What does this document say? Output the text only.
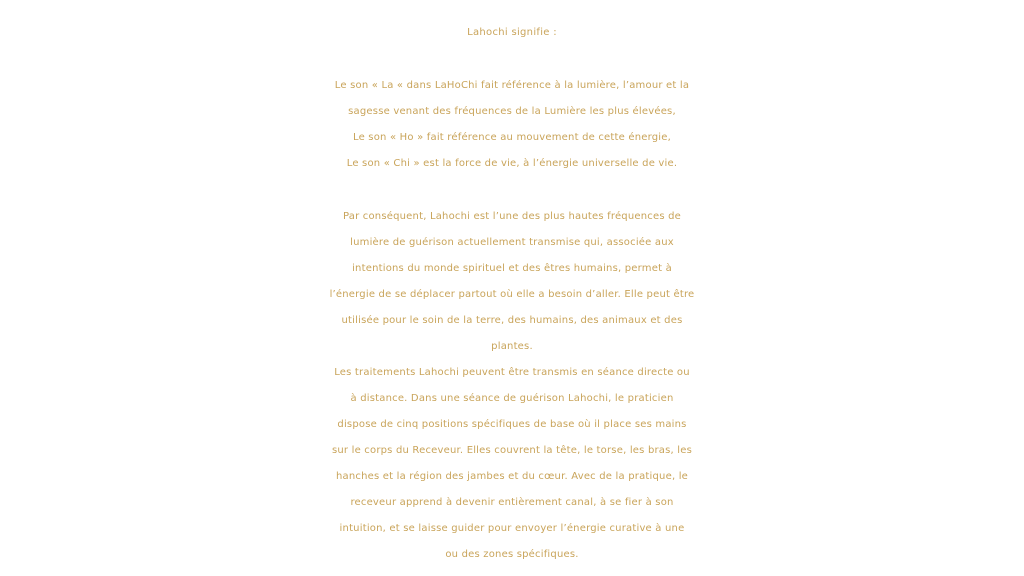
Lahochi signifie :
Le son « La « dans LaHoChi fait référence à la lumière, l’amour et la
sagesse venant des fréquences de la Lumière les plus élevées,
Le son « Ho » fait référence au mouvement de cette énergie,
Le son « Chi » est la force de vie, à l’énergie universelle de vie.
Par conséquent, Lahochi est l’une des plus hautes fréquences de
lumière de guérison actuellement transmise qui, associée aux
intentions du monde spirituel et des êtres humains, permet à
l’énergie de se déplacer partout où elle a besoin d’aller. Elle peut être
utilisée pour le soin de la terre, des humains, des animaux et des
plantes.
Les traitements Lahochi peuvent être transmis en séance directe ou
à distance. Dans une séance de guérison Lahochi, le praticien
dispose de cinq positions spécifiques de base où il place ses mains
sur le corps du Receveur. Elles couvrent la tête, le torse, les bras, les
hanches et la région des jambes et du cœur. Avec de la pratique, le
receveur apprend à devenir entièrement canal, à se fier à son
intuition, et se laisse guider pour envoyer l’énergie curative à une
ou des zones spécifiques.
